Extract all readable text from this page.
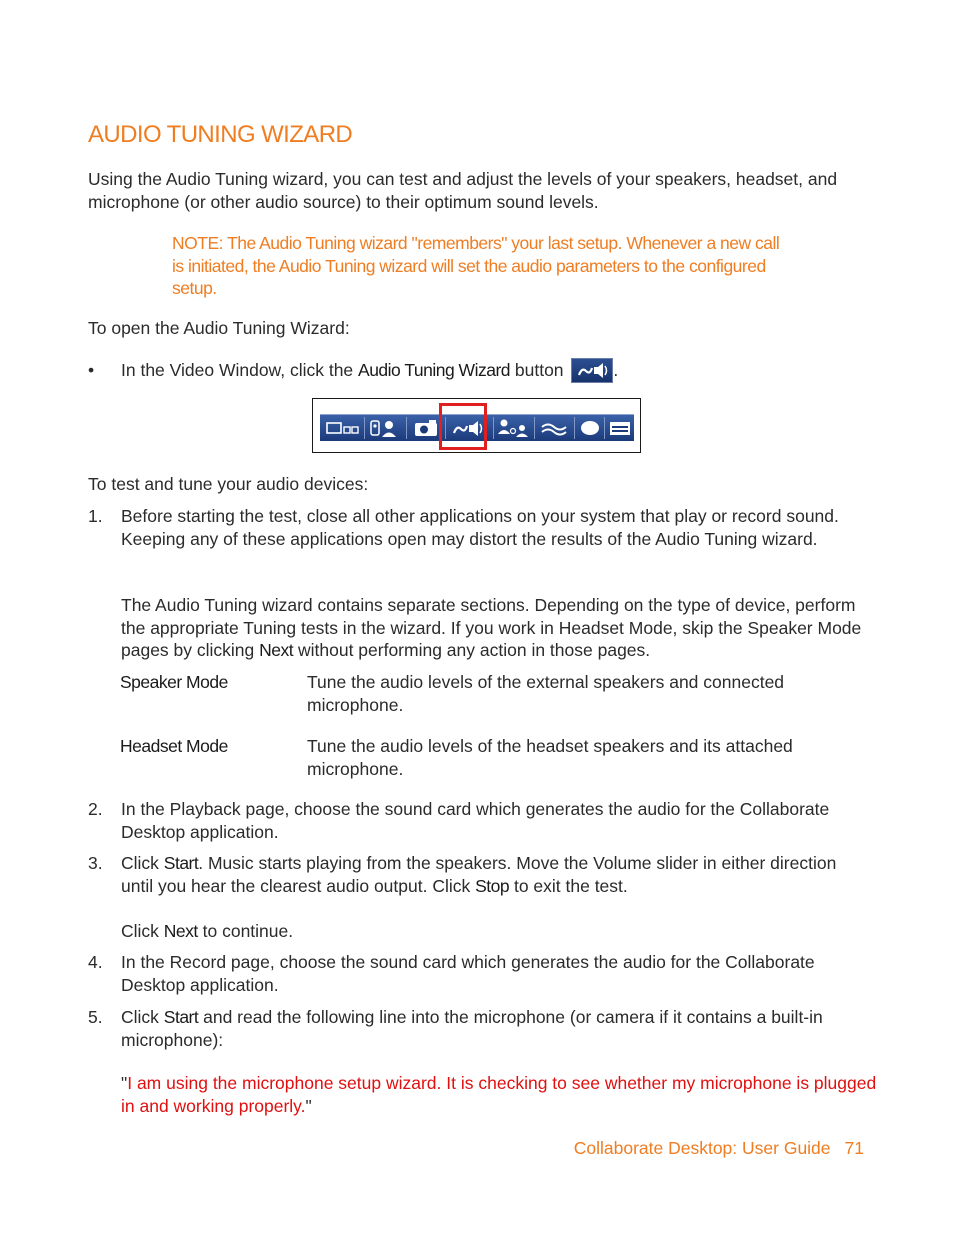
AUDIO TUNING WIZARD
Using the Audio Tuning wizard, you can test and adjust the levels of your speakers, headset, and microphone (or other audio source) to their optimum sound levels.
NOTE: The Audio Tuning wizard "remembers" your last setup. Whenever a new call is initiated, the Audio Tuning wizard will set the audio parameters to the configured setup.
To open the Audio Tuning Wizard:
• In the Video Window, click the Audio Tuning Wizard button	.
To test and tune your audio devices:
1.	Before starting the test, close all other applications on your system that play or record sound. Keeping any of these applications open may distort the results of the Audio Tuning wizard.
The Audio Tuning wizard contains separate sections. Depending on the type of device, perform the appropriate Tuning tests in the wizard. If you work in Headset Mode, skip the Speaker Mode pages by clicking Next without performing any action in those pages.
Speaker Mode	Tune the audio levels of the external speakers and connected microphone.
Headset Mode	Tune the audio levels of the headset speakers and its attached microphone.
2.	In the Playback page, choose the sound card which generates the audio for the Collaborate Desktop application.
3.	Click Start. Music starts playing from the speakers. Move the Volume slider in either direction until you hear the clearest audio output. Click Stop to exit the test.
Click Next to continue.
4.	In the Record page, choose the sound card which generates the audio for the Collaborate Desktop application.
5.	Click Start and read the following line into the microphone (or camera if it contains a built-in microphone):
"I am using the microphone setup wizard. It is checking to see whether my microphone is plugged in and working properly."
Collaborate Desktop: User Guide 71
